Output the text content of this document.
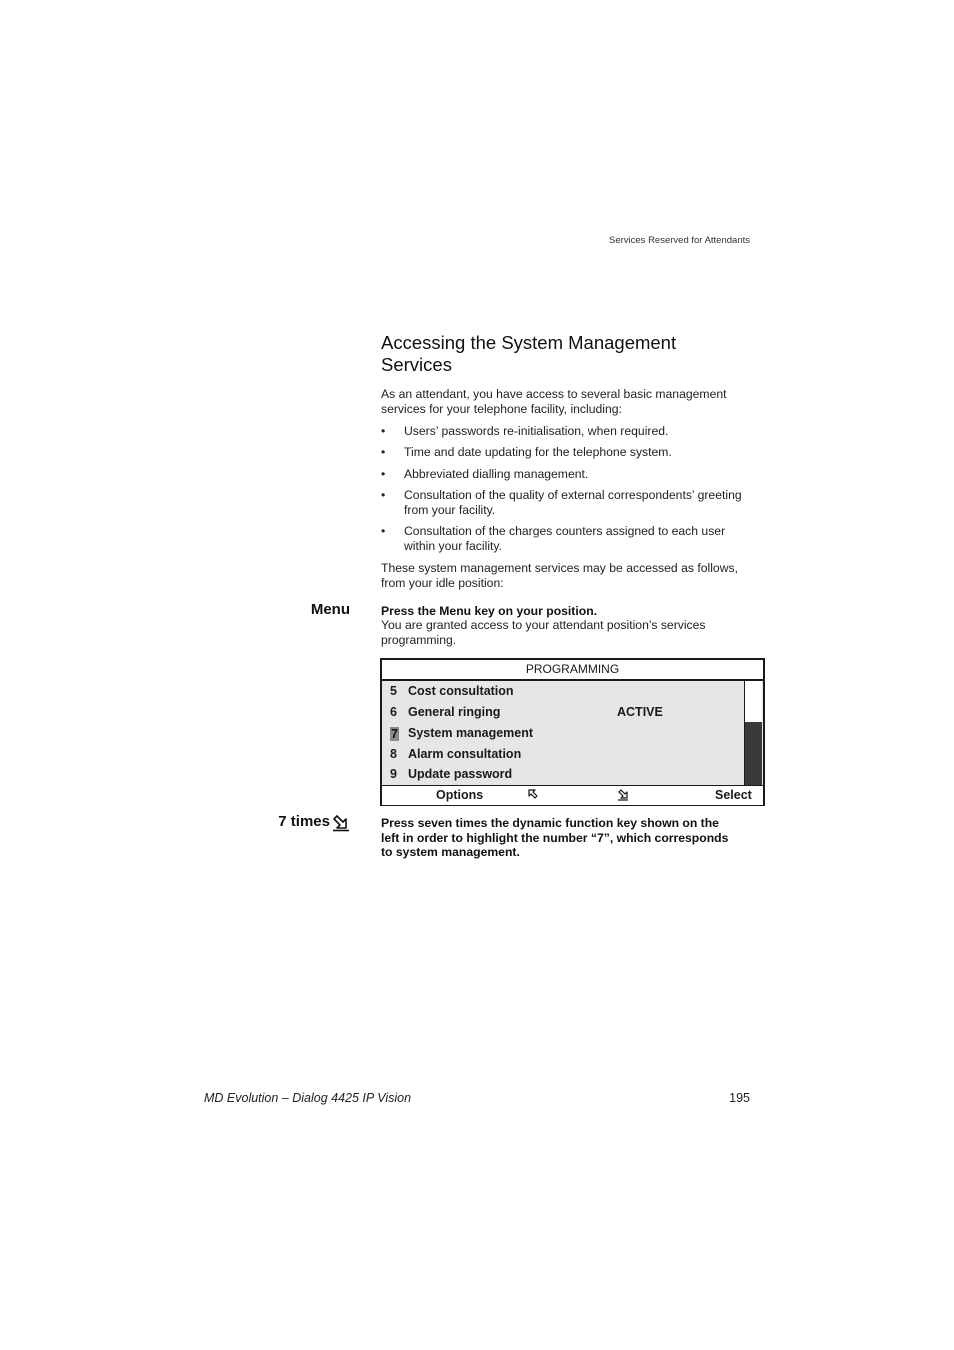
Services Reserved for Attendants
Accessing the System Management
Services
As an attendant, you have access to several basic management
services for your telephone facility, including:
• Users’ passwords re-initialisation, when required.
• Time and date updating for the telephone system.
• Abbreviated dialling management.
• Consultation of the quality of external correspondents’ greeting
from your facility.
• Consultation of the charges counters assigned to each user
within your facility.
These system management services may be accessed as follows,
from your idle position:
Menu	Press the Menu key on your position.
You are granted access to your attendant position’s services
programming.
PROGRAMMING
5 Cost consultation
6 General ringing	ACTIVE
7 System management
8 Alarm consultation
9 Update password
Options	Select
7 times	Press seven times the dynamic function key shown on the
left in order to highlight the number “7”, which corresponds
to system management.
MD Evolution – Dialog 4425 IP Vision	195
